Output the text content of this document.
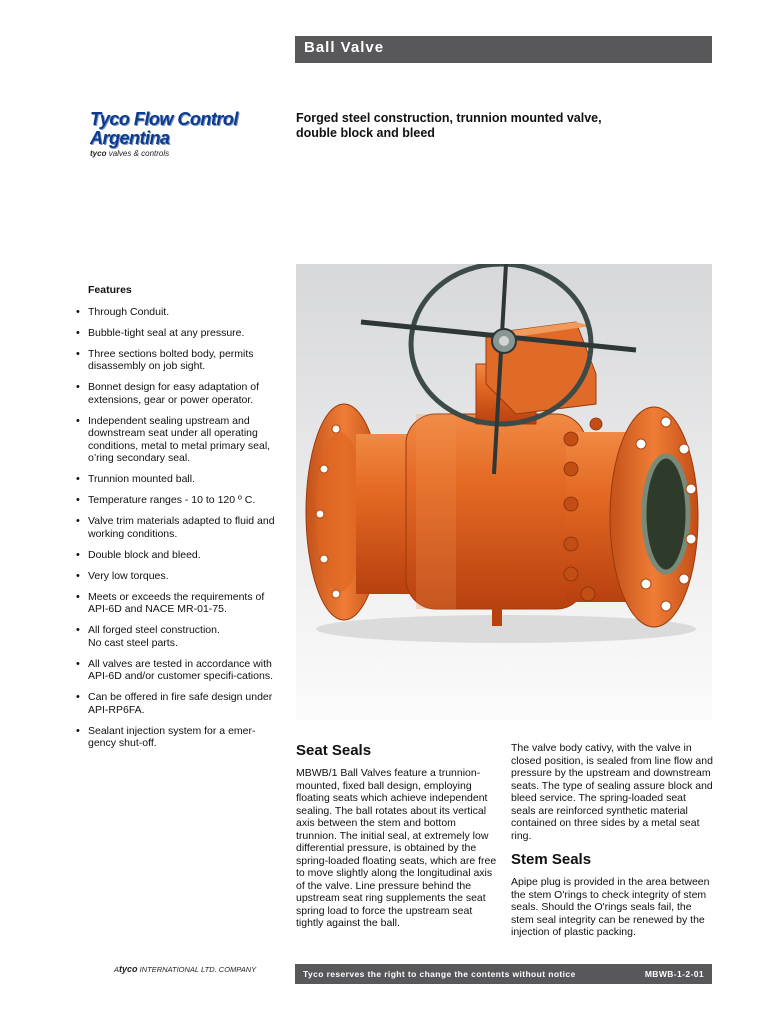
Ball Valve
Tyco Flow Control
Argentina
tyco valves & controls
Forged steel construction, trunnion mounted valve,
double block and bleed
Features
• Through Conduit.
• Bubble-tight seal at any pressure.
• Three sections bolted body, permits disassembly on job sight.
• Bonnet design for easy adaptation of extensions, gear or power operator.
• Independent sealing upstream and downstream seat under all operating conditions, metal to metal primary seal, o’ring secondary seal.
• Trunnion mounted ball.
• Temperature ranges - 10 to 120 º C.
• Valve trim materials adapted to fluid and working conditions.
• Double block and bleed.
• Very low torques.
• Meets or exceeds the requirements of API-6D and NACE MR-01-75.
• All forged steel construction.
No cast steel parts.
• All valves are tested in accordance with API-6D and/or customer specifi-cations.
• Can be offered in fire safe design under API-RP6FA.
• Sealant injection system for a emer-gency shut-off.	Seat Seals

MBWB/1 Ball Valves feature a trunnion-mounted, fixed ball design, employing floating seats which achieve independent sealing. The ball rotates about its vertical axis between the stem and bottom trunnion. The initial seal, at extremely low differential pressure, is obtained by the spring-loaded floating seats, which are free to move slightly along the longitudinal axis of the valve. Line pressure behind the upstream seat ring supplements the seat spring load to force the upstream seat tightly against the ball.

The valve body cativy, with the valve in closed position, is sealed from line flow and pressure by the upstream and downstream seats. The type of sealing assure block and bleed service. The spring-loaded seat seals are reinforced synthetic material contained on three sides by a metal seat ring.

Stem Seals

Apipe plug is provided in the area between the stem O'rings to check integrity of stem seals. Should the O'rings seals fail, the stem seal integrity can be renewed by the injection of plastic packing.

Atyco INTERNATIONAL LTD. COMPANY	Tyco reserves the right to change the contents without notice	MBWB-1-2-01
